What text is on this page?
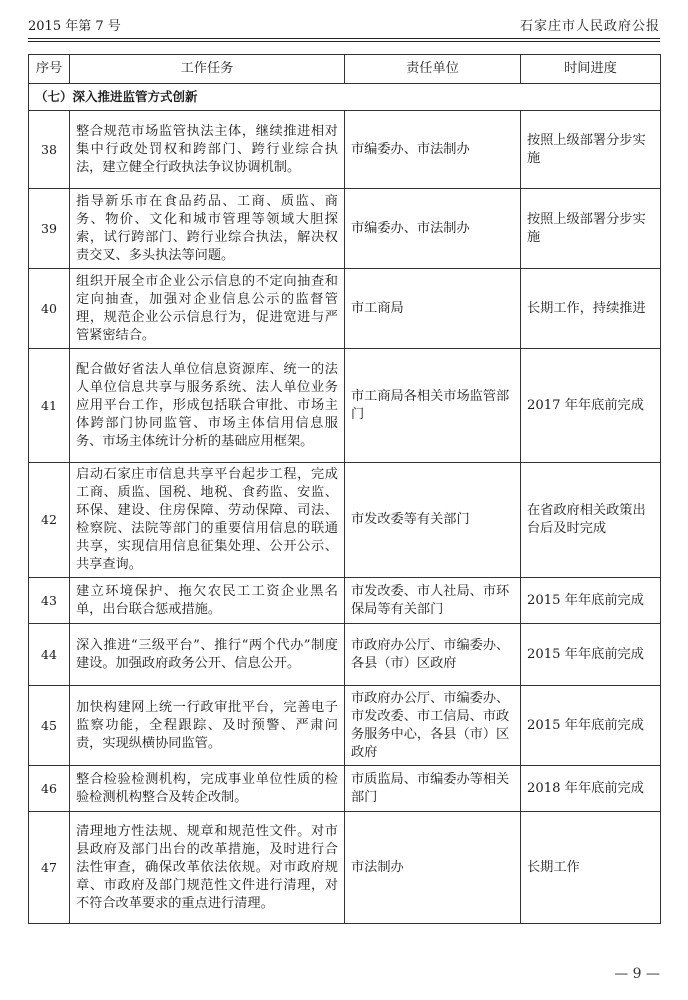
2015 年第 7 号	石家庄市人民政府公报
序号	工作任务	责任单位	时间进度
（七）深入推进监管方式创新			
38	整合规范市场监管执法主体，继续推进相对集中行政处罚权和跨部门、跨行业综合执法，建立健全行政执法争议协调机制。	市编委办、市法制办	按照上级部署分步实施
39	指导新乐市在食品药品、工商、质监、商务、物价、文化和城市管理等领域大胆探索，试行跨部门、跨行业综合执法，解决权责交叉、多头执法等问题。	市编委办、市法制办	按照上级部署分步实施
40	组织开展全市企业公示信息的不定向抽查和定向抽查，加强对企业信息公示的监督管理，规范企业公示信息行为，促进宽进与严管紧密结合。	市工商局	长期工作，持续推进
41	配合做好省法人单位信息资源库、统一的法人单位信息共享与服务系统、法人单位业务应用平台工作，形成包括联合审批、市场主体跨部门协同监管、市场主体信用信息服务、市场主体统计分析的基础应用框架。	市工商局各相关市场监管部门	2017 年年底前完成
42	启动石家庄市信息共享平台起步工程，完成工商、质监、国税、地税、食药监、安监、环保、建设、住房保障、劳动保障、司法、检察院、法院等部门的重要信用信息的联通共享，实现信用信息征集处理、公开公示、共享查询。	市发改委等有关部门	在省政府相关政策出台后及时完成
43	建立环境保护、拖欠农民工工资企业黑名单，出台联合惩戒措施。	市发改委、市人社局、市环保局等有关部门	2015 年年底前完成
44	深入推进“三级平台”、推行“两个代办”制度建设。加强政府政务公开、信息公开。	市政府办公厅、市编委办、各县（市）区政府	2015 年年底前完成
45	加快构建网上统一行政审批平台，完善电子监察功能，全程跟踪、及时预警、严肃问责，实现纵横协同监管。	市政府办公厅、市编委办、市发改委、市工信局、市政务服务中心，各县（市）区政府	2015 年年底前完成
46	整合检验检测机构，完成事业单位性质的检验检测机构整合及转企改制。	市质监局、市编委办等相关部门	2018 年年底前完成
47	清理地方性法规、规章和规范性文件。对市县政府及部门出台的改革措施，及时进行合法性审查，确保改革依法依规。对市政府规章、市政府及部门规范性文件进行清理，对不符合改革要求的重点进行清理。	市法制办	长期工作
— 9 —
